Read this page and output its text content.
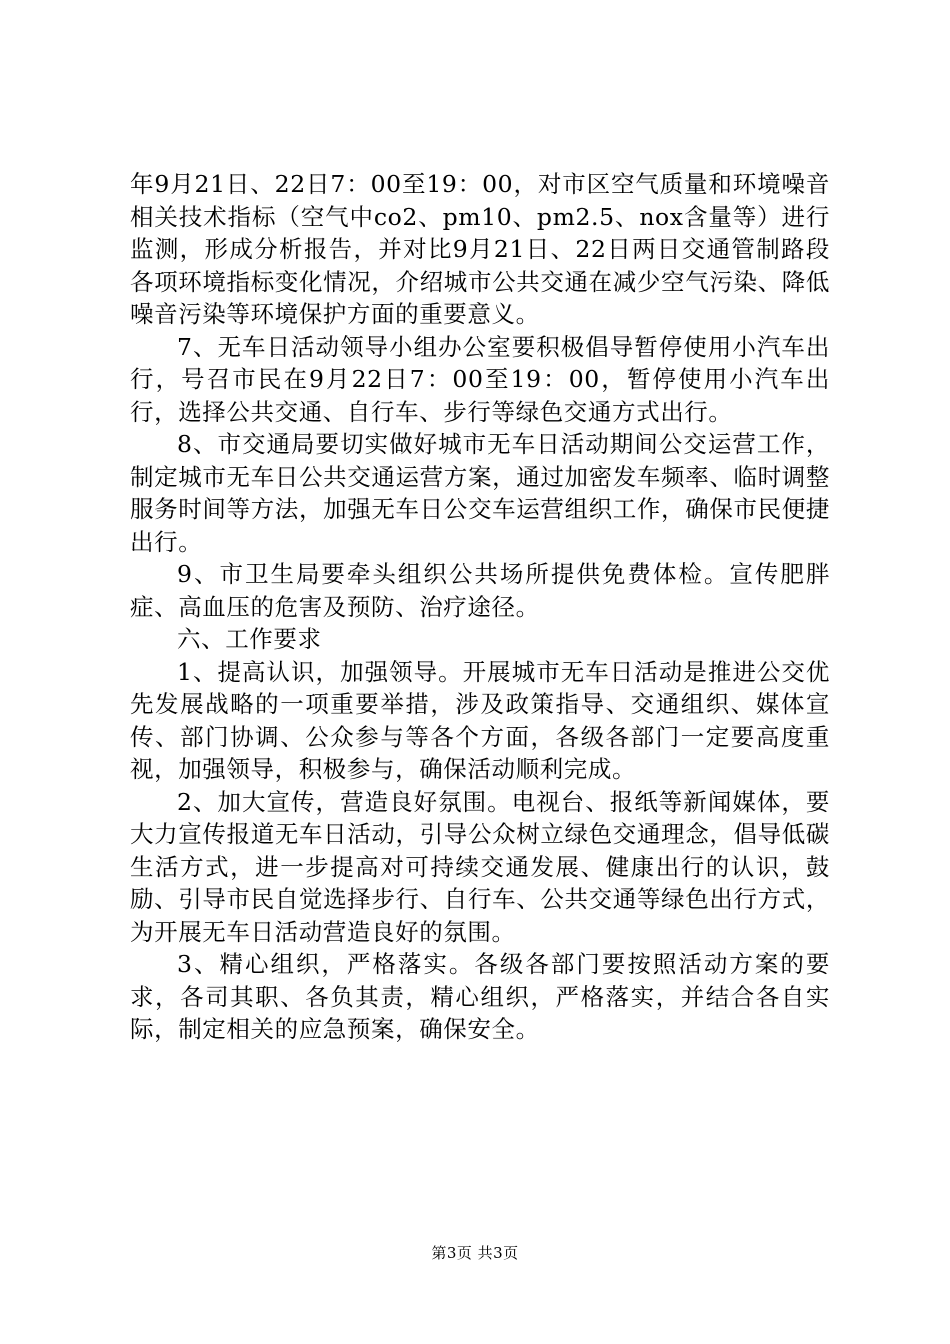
年9月21日、22日7：00至19：00，对市区空气质量和环境噪音相关技术指标（空气中co2、pm10、pm2.5、nox含量等）进行监测，形成分析报告，并对比9月21日、22日两日交通管制路段各项环境指标变化情况，介绍城市公共交通在减少空气污染、降低噪音污染等环境保护方面的重要意义。

7、无车日活动领导小组办公室要积极倡导暂停使用小汽车出行，号召市民在9月22日7：00至19：00，暂停使用小汽车出行，选择公共交通、自行车、步行等绿色交通方式出行。

8、市交通局要切实做好城市无车日活动期间公交运营工作，制定城市无车日公共交通运营方案，通过加密发车频率、临时调整服务时间等方法，加强无车日公交车运营组织工作，确保市民便捷出行。

9、市卫生局要牵头组织公共场所提供免费体检。宣传肥胖症、高血压的危害及预防、治疗途径。

六、工作要求

1、提高认识，加强领导。开展城市无车日活动是推进公交优先发展战略的一项重要举措，涉及政策指导、交通组织、媒体宣传、部门协调、公众参与等各个方面，各级各部门一定要高度重视，加强领导，积极参与，确保活动顺利完成。

2、加大宣传，营造良好氛围。电视台、报纸等新闻媒体，要大力宣传报道无车日活动，引导公众树立绿色交通理念，倡导低碳生活方式，进一步提高对可持续交通发展、健康出行的认识，鼓励、引导市民自觉选择步行、自行车、公共交通等绿色出行方式，为开展无车日活动营造良好的氛围。

3、精心组织，严格落实。各级各部门要按照活动方案的要求，各司其职、各负其责，精心组织，严格落实，并结合各自实际，制定相关的应急预案，确保安全。

第3页 共3页
